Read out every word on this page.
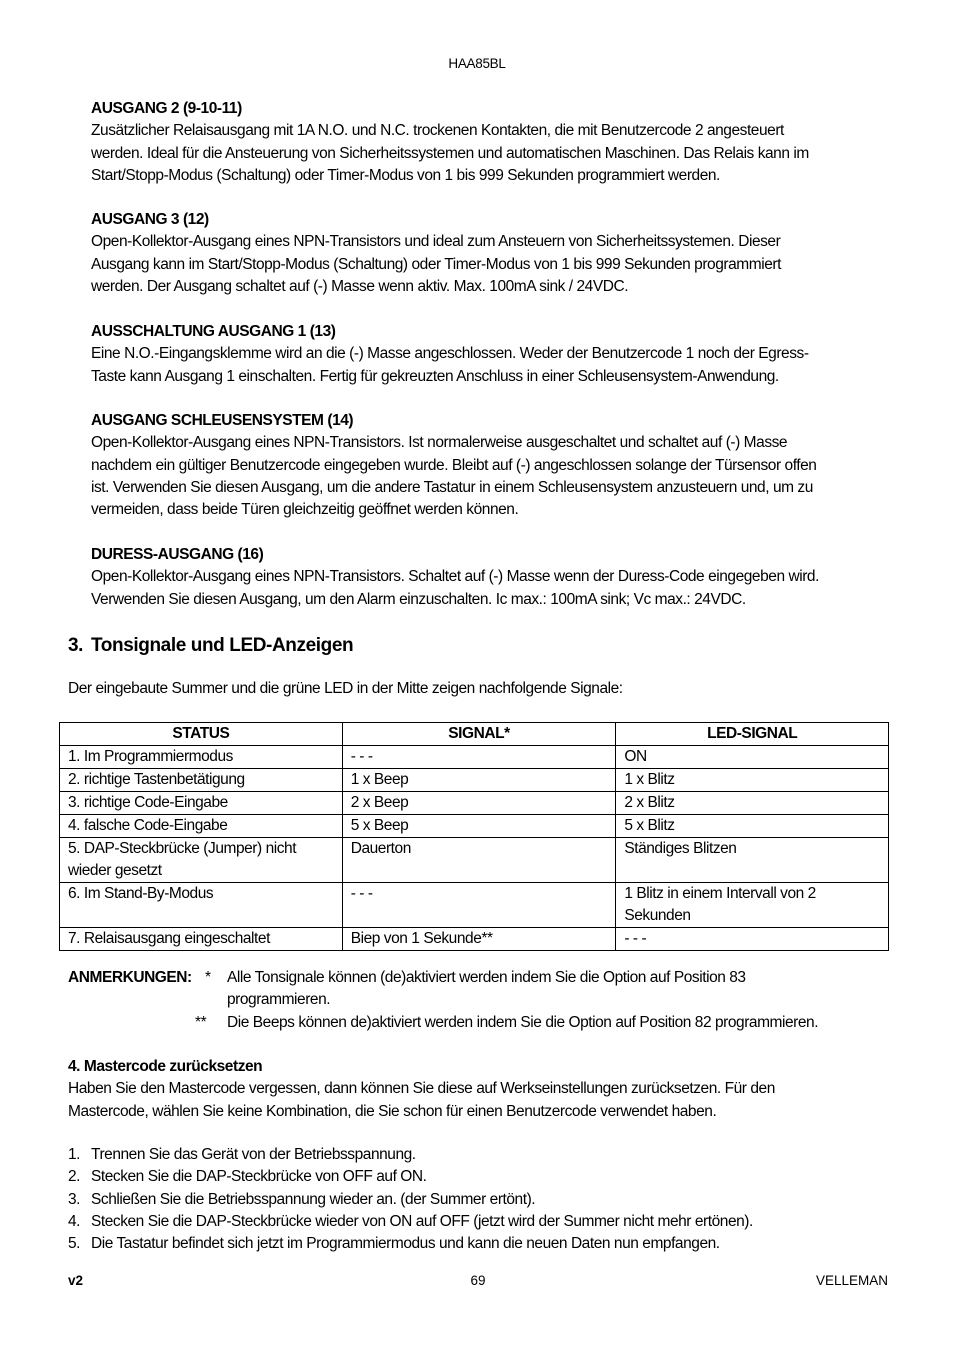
HAA85BL
AUSGANG 2 (9-10-11)
Zusätzlicher Relaisausgang mit 1A N.O. und N.C. trockenen Kontakten, die mit Benutzercode 2 angesteuert
werden. Ideal für die Ansteuerung von Sicherheitssystemen und automatischen Maschinen. Das Relais kann im
Start/Stopp-Modus (Schaltung) oder Timer-Modus von 1 bis 999 Sekunden programmiert werden.
AUSGANG 3 (12)
Open-Kollektor-Ausgang eines NPN-Transistors und ideal zum Ansteuern von Sicherheitssystemen. Dieser
Ausgang kann im Start/Stopp-Modus (Schaltung) oder Timer-Modus von 1 bis 999 Sekunden programmiert
werden. Der Ausgang schaltet auf (-) Masse wenn aktiv. Max. 100mA sink / 24VDC.
AUSSCHALTUNG AUSGANG 1 (13)
Eine N.O.-Eingangsklemme wird an die (-) Masse angeschlossen. Weder der Benutzercode 1 noch der Egress-
Taste kann Ausgang 1 einschalten. Fertig für gekreuzten Anschluss in einer Schleusensystem-Anwendung.
AUSGANG SCHLEUSENSYSTEM (14)
Open-Kollektor-Ausgang eines NPN-Transistors. Ist normalerweise ausgeschaltet und schaltet auf (-) Masse
nachdem ein gültiger Benutzercode eingegeben wurde. Bleibt auf (-) angeschlossen solange der Türsensor offen
ist. Verwenden Sie diesen Ausgang, um die andere Tastatur in einem Schleusensystem anzusteuern und, um zu
vermeiden, dass beide Türen gleichzeitig geöffnet werden können.
DURESS-AUSGANG (16)
Open-Kollektor-Ausgang eines NPN-Transistors. Schaltet auf (-) Masse wenn der Duress-Code eingegeben wird.
Verwenden Sie diesen Ausgang, um den Alarm einzuschalten. Ic max.: 100mA sink; Vc max.: 24VDC.
3. Tonsignale und LED-Anzeigen
Der eingebaute Summer und die grüne LED in der Mitte zeigen nachfolgende Signale:
STATUS	SIGNAL*	LED-SIGNAL
1. Im Programmiermodus	- - -	ON
2. richtige Tastenbetätigung	1 x Beep	1 x Blitz
3. richtige Code-Eingabe	2 x Beep	2 x Blitz
4. falsche Code-Eingabe	5 x Beep	5 x Blitz
5. DAP-Steckbrücke (Jumper) nicht wieder gesetzt	Dauerton	Ständiges Blitzen
6. Im Stand-By-Modus	- - -	1 Blitz in einem Intervall von 2 Sekunden
7. Relaisausgang eingeschaltet	Biep von 1 Sekunde**	- - -
ANMERKUNGEN: *	Alle Tonsignale können (de)aktiviert werden indem Sie die Option auf Position 83
programmieren.
**	Die Beeps können de)aktiviert werden indem Sie die Option auf Position 82 programmieren.
4. Mastercode zurücksetzen
Haben Sie den Mastercode vergessen, dann können Sie diese auf Werkseinstellungen zurücksetzen. Für den
Mastercode, wählen Sie keine Kombination, die Sie schon für einen Benutzercode verwendet haben.
1. Trennen Sie das Gerät von der Betriebsspannung.
2. Stecken Sie die DAP-Steckbrücke von OFF auf ON.
3. Schließen Sie die Betriebsspannung wieder an. (der Summer ertönt).
4. Stecken Sie die DAP-Steckbrücke wieder von ON auf OFF (jetzt wird der Summer nicht mehr ertönen).
5. Die Tastatur befindet sich jetzt im Programmiermodus und kann die neuen Daten nun empfangen.
v2	69	VELLEMAN
